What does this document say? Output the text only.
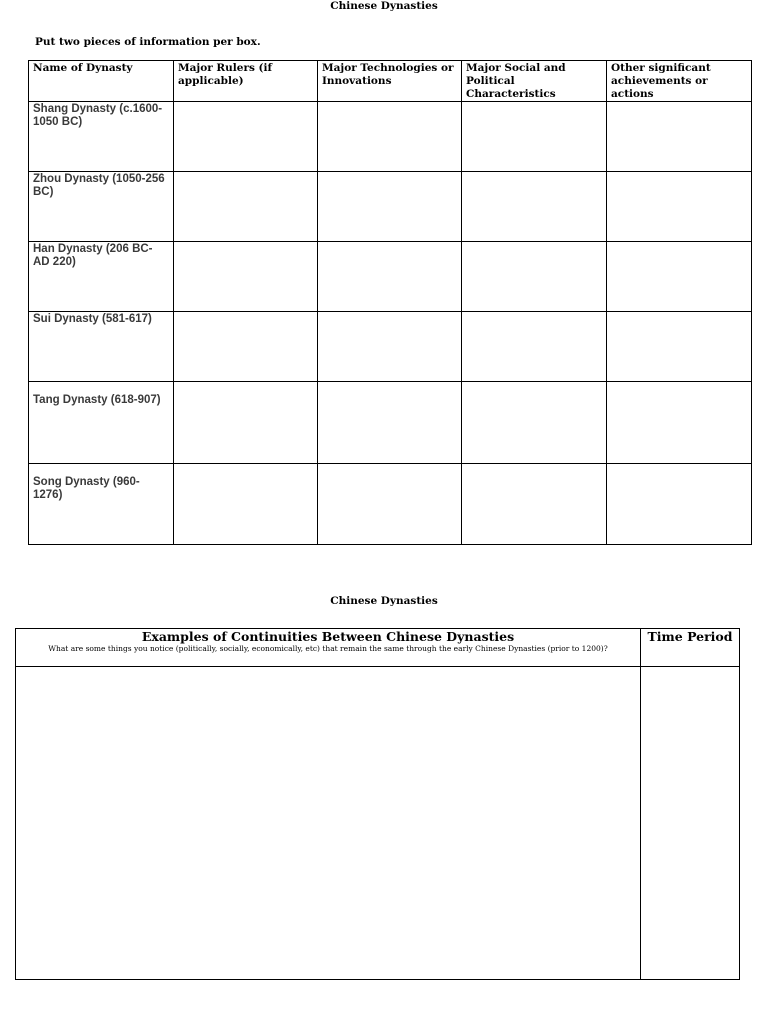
Chinese Dynasties
Put two pieces of information per box.
Name of Dynasty	Major Rulers (if applicable)	Major Technologies or Innovations	Major Social and Political Characteristics	Other significant achievements or actions
Shang Dynasty (c.1600-1050 BC)				
Zhou Dynasty (1050-256 BC)				
Han Dynasty (206 BC-AD 220)				
Sui Dynasty (581-617)				
Tang Dynasty (618-907)				
Song Dynasty (960-1276)				
Chinese Dynasties
Examples of Continuities Between Chinese Dynasties
What are some things you notice (politically, socially, economically, etc) that remain the same through the early Chinese Dynasties (prior to 1200)?	Time Period
